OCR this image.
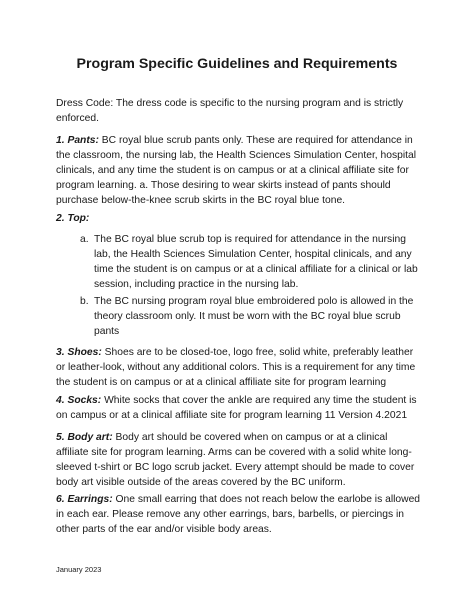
Program Specific Guidelines and Requirements
Dress Code: The dress code is specific to the nursing program and is strictly enforced.
1. Pants: BC royal blue scrub pants only. These are required for attendance in the classroom, the nursing lab, the Health Sciences Simulation Center, hospital clinicals, and any time the student is on campus or at a clinical affiliate site for program learning. a. Those desiring to wear skirts instead of pants should purchase below-the-knee scrub skirts in the BC royal blue tone.
2. Top:
a. The BC royal blue scrub top is required for attendance in the nursing lab, the Health Sciences Simulation Center, hospital clinicals, and any time the student is on campus or at a clinical affiliate for a clinical or lab session, including practice in the nursing lab.
b. The BC nursing program royal blue embroidered polo is allowed in the theory classroom only. It must be worn with the BC royal blue scrub pants
3. Shoes: Shoes are to be closed-toe, logo free, solid white, preferably leather or leather-look, without any additional colors. This is a requirement for any time the student is on campus or at a clinical affiliate site for program learning
4. Socks: White socks that cover the ankle are required any time the student is on campus or at a clinical affiliate site for program learning 11 Version 4.2021
5. Body art: Body art should be covered when on campus or at a clinical affiliate site for program learning. Arms can be covered with a solid white long-sleeved t-shirt or BC logo scrub jacket. Every attempt should be made to cover body art visible outside of the areas covered by the BC uniform.
6. Earrings: One small earring that does not reach below the earlobe is allowed in each ear. Please remove any other earrings, bars, barbells, or piercings in other parts of the ear and/or visible body areas.
January 2023
